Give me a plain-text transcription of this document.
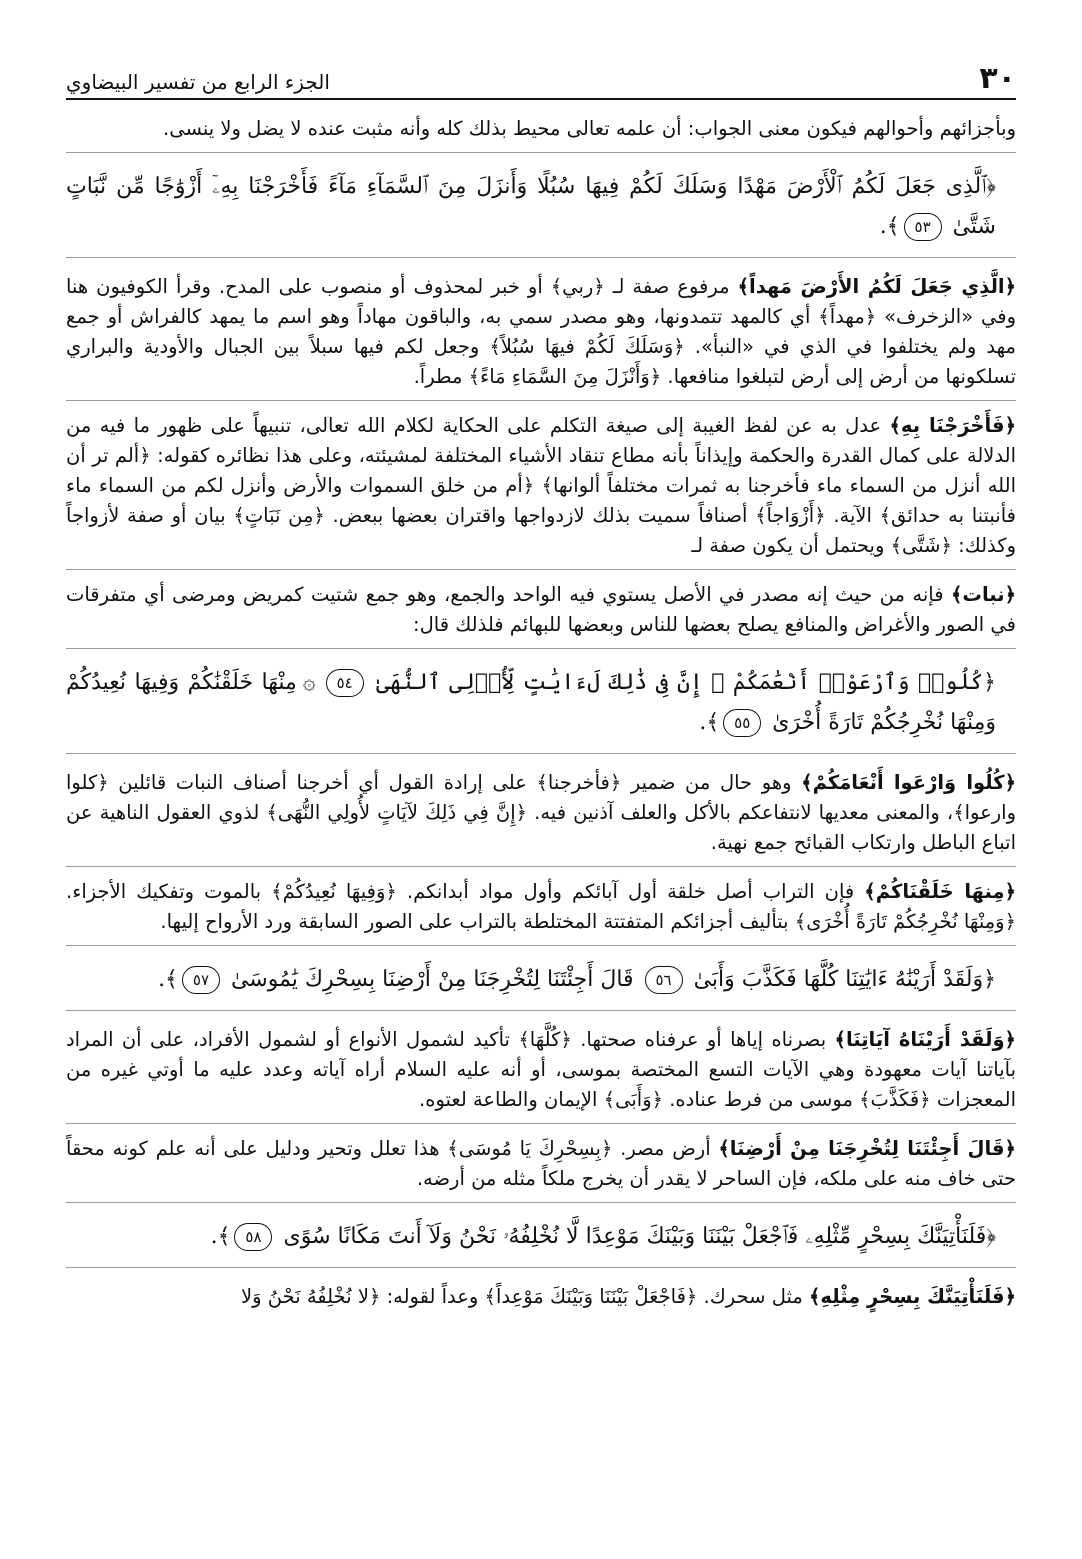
٣٠
الجزء الرابع من تفسير البيضاوي

وبأجزائهم وأحوالهم فيكون معنى الجواب: أن علمه تعالى محيط بذلك كله وأنه مثبت عنده لا يضل ولا ينسى.

﴿ٱلَّذِى جَعَلَ لَكُمُ ٱلْأَرْضَ مَهْدًا وَسَلَكَ لَكُمْ فِيهَا سُبُلًا وَأَنزَلَ مِنَ ٱلسَّمَآءِ مَآءً فَأَخْرَجْنَا بِهِۦٓ أَزْوَٰجًا مِّن نَّبَاتٍ شَتَّىٰ ٥٣﴾.

﴿الَّذِي جَعَلَ لَكُمُ الأَرْضَ مَهداً﴾ مرفوع صفة لـ ﴿ربي﴾ أو خبر لمحذوف أو منصوب على المدح. وقرأ الكوفيون هنا وفي «الزخرف» ﴿مهداً﴾ أي كالمهد تتمدونها، وهو مصدر سمي به، والباقون مهاداً وهو اسم ما يمهد كالفراش أو جمع مهد ولم يختلفوا في الذي في «النبأ». ﴿وَسَلَكَ لَكُمْ فيهَا سُبُلاً﴾ وجعل لكم فيها سبلاً بين الجبال والأودية والبراري تسلكونها من أرض إلى أرض لتبلغوا منافعها. ﴿وَأَنْزَلَ مِنَ السَّمَاءِ مَاءً﴾ مطراً.

﴿فَأَخْرَجْنَا بِهِ﴾ عدل به عن لفظ الغيبة إلى صيغة التكلم على الحكاية لكلام الله تعالى، تنبيهاً على ظهور ما فيه من الدلالة على كمال القدرة والحكمة وإيذاناً بأنه مطاع تنقاد الأشياء المختلفة لمشيئته، وعلى هذا نظائره كقوله: ﴿ألم تر أن الله أنزل من السماء ماء فأخرجنا به ثمرات مختلفاً ألوانها﴾ ﴿أم من خلق السموات والأرض وأنزل لكم من السماء ماء فأنبتنا به حدائق﴾ الآية. ﴿أَزْوَاجاً﴾ أصنافاً سميت بذلك لازدواجها واقتران بعضها ببعض. ﴿مِن نَبَاتٍ﴾ بيان أو صفة لأزواجاً وكذلك: ﴿شَتَّى﴾ ويحتمل أن يكون صفة لـ

﴿نبات﴾ فإنه من حيث إنه مصدر في الأصل يستوي فيه الواحد والجمع، وهو جمع شتيت كمريض ومرضى أي متفرقات في الصور والأغراض والمنافع يصلح بعضها للناس وبعضها للبهائم فلذلك قال:

﴿كُلُوا۟ وَٱرْعَوْا۟ أَنْعَٰمَكُمْ ۗ إِنَّ فِى ذَٰلِكَ لَءَايَٰتٍ لِّأُو۟لِى ٱلنُّهَىٰ ٥٤۞مِنْهَا خَلَقْنَٰكُمْ وَفِيهَا نُعِيدُكُمْ وَمِنْهَا نُخْرِجُكُمْ تَارَةً أُخْرَىٰ ٥٥﴾.

﴿كُلُوا وَارْعَوا أَنْعَامَكُمْ﴾ وهو حال من ضمير ﴿فأخرجنا﴾ على إرادة القول أي أخرجنا أصناف النبات قائلين ﴿كلوا وارعوا﴾، والمعنى معديها لانتفاعكم بالأكل والعلف آذنين فيه. ﴿إِنَّ فِي ذَلِكَ لآيَاتٍ لأُولِي النُّهَى﴾ لذوي العقول الناهية عن اتباع الباطل وارتكاب القبائح جمع نهية.

﴿مِنهَا خَلَقْنَاكُمْ﴾ فإن التراب أصل خلقة أول آبائكم وأول مواد أبدانكم. ﴿وَفِيهَا نُعِيدُكُمْ﴾ بالموت وتفكيك الأجزاء. ﴿وَمِنْهَا نُخْرِجُكُمْ تَارَةً أُخْرَى﴾ بتأليف أجزائكم المتفتتة المختلطة بالتراب على الصور السابقة ورد الأرواح إليها.

﴿وَلَقَدْ أَرَيْنَٰهُ ءَايَٰتِنَا كُلَّهَا فَكَذَّبَ وَأَبَىٰ ٥٦ قَالَ أَجِئْتَنَا لِتُخْرِجَنَا مِنْ أَرْضِنَا بِسِحْرِكَ يَٰمُوسَىٰ ٥٧﴾.

﴿وَلَقَدْ أَرَيْنَاهُ آيَاتِنَا﴾ بصرناه إياها أو عرفناه صحتها. ﴿كُلَّهَا﴾ تأكيد لشمول الأنواع أو لشمول الأفراد، على أن المراد بآياتنا آيات معهودة وهي الآيات التسع المختصة بموسى، أو أنه عليه السلام أراه آياته وعدد عليه ما أوتي غيره من المعجزات ﴿فَكَذَّبَ﴾ موسى من فرط عناده. ﴿وَأَبَى﴾ الإيمان والطاعة لعتوه.

﴿قَالَ أَجِئْتَنَا لِتُخْرِجَنَا مِنْ أَرْضِنَا﴾ أرض مصر. ﴿بِسِحْرِكَ يَا مُوسَى﴾ هذا تعلل وتحير ودليل على أنه علم كونه محقاً حتى خاف منه على ملكه، فإن الساحر لا يقدر أن يخرج ملكاً مثله من أرضه.

﴿فَلَنَأْتِيَنَّكَ بِسِحْرٍ مِّثْلِهِۦ فَٱجْعَلْ بَيْنَنَا وَبَيْنَكَ مَوْعِدًا لَّا نُخْلِفُهُۥ نَحْنُ وَلَآ أَنتَ مَكَانًا سُوًى ٥٨﴾.

﴿فَلَنَأْتِيَنَّكَ بِسِحْرٍ مِثْلِهِ﴾ مثل سحرك. ﴿فَاجْعَلْ بَيْنَنَا وَبَيْنَكَ مَوْعِداً﴾ وعداً لقوله: ﴿لا نُخْلِفُهُ نَحْنُ وَلا
